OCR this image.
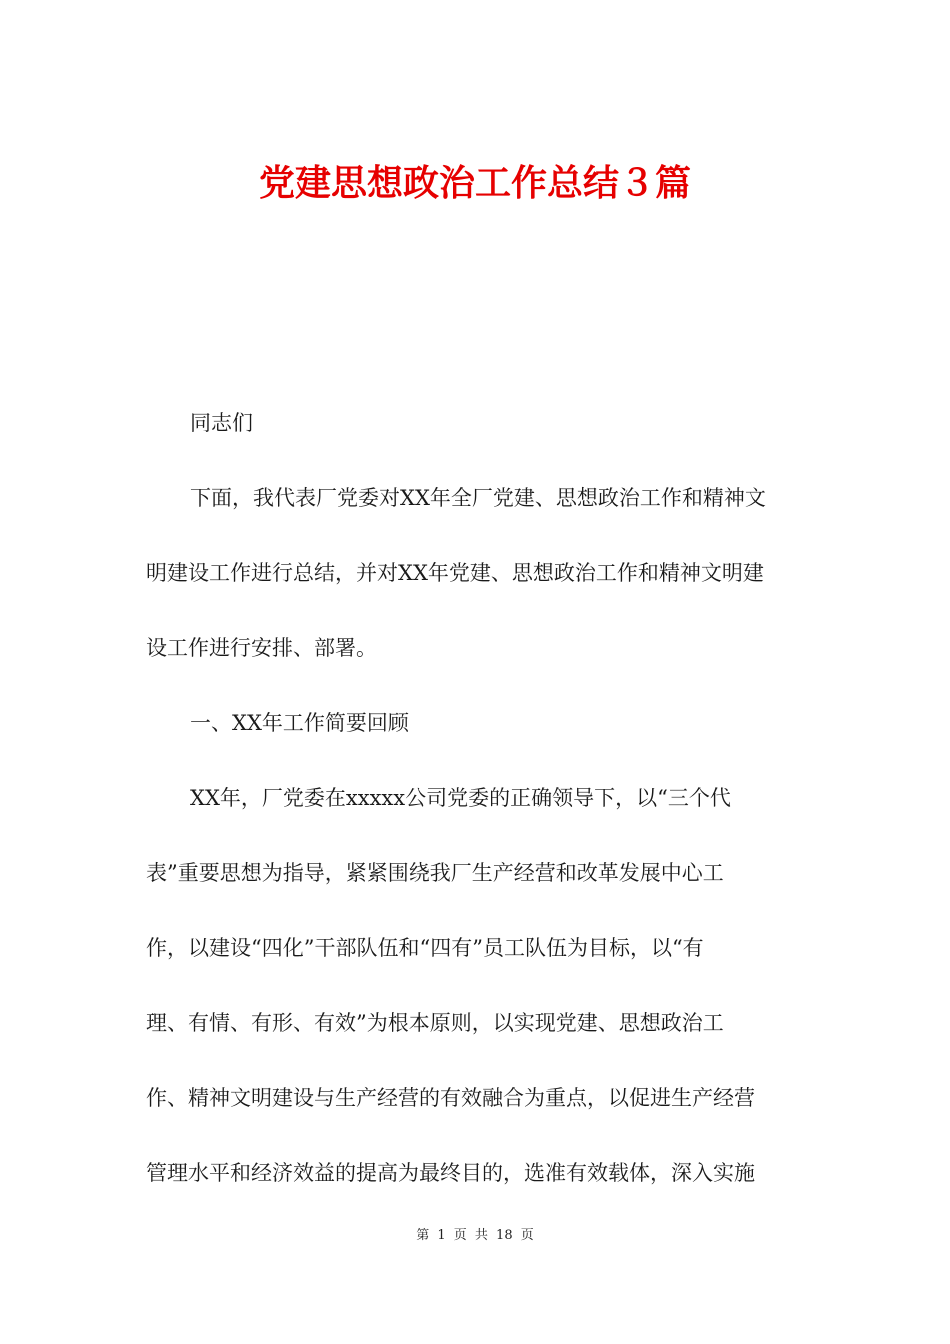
党建思想政治工作总结３篇
同志们
下面，我代表厂党委对XX年全厂党建、思想政治工作和精神文
明建设工作进行总结，并对XX年党建、思想政治工作和精神文明建
设工作进行安排、部署。
一、XX年工作简要回顾
XX年，厂党委在xxxxx公司党委的正确领导下，以“三个代
表”重要思想为指导，紧紧围绕我厂生产经营和改革发展中心工
作，以建设“四化”干部队伍和“四有”员工队伍为目标，以“有
理、有情、有形、有效”为根本原则，以实现党建、思想政治工
作、精神文明建设与生产经营的有效融合为重点，以促进生产经营
管理水平和经济效益的提高为最终目的，选准有效载体，深入实施
第 1 页 共 18 页
